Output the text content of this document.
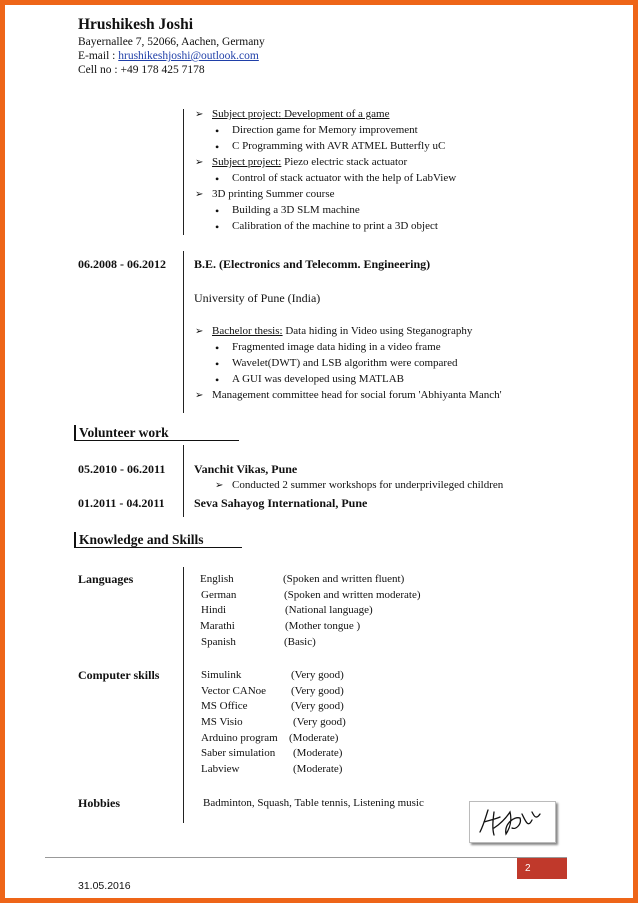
Hrushikesh Joshi
Bayernallee 7, 52066, Aachen, Germany
E-mail : hrushikeshjoshi@outlook.com
Cell no : +49 178 425 7178
➢ Subject project: Development of a game
• Direction game for Memory improvement
• C Programming with AVR ATMEL Butterfly uC
➢ Subject project: Piezo electric stack actuator
• Control of stack actuator with the help of LabView
➢ 3D printing Summer course
• Building a 3D SLM machine
• Calibration of the machine to print a 3D object
06.2008 - 06.2012 B.E. (Electronics and Telecomm. Engineering)
University of Pune (India)
➢ Bachelor thesis: Data hiding in Video using Steganography
• Fragmented image data hiding in a video frame
• Wavelet(DWT) and LSB algorithm were compared
• A GUI was developed using MATLAB
➢ Management committee head for social forum 'Abhiyanta Manch'
Volunteer work
05.2010 - 06.2011 Vanchit Vikas, Pune
➢ Conducted 2 summer workshops for underprivileged children
01.2011 - 04.2011 Seva Sahayog International, Pune
Knowledge and Skills
Languages	English	(Spoken and written fluent)
German	(Spoken and written moderate)
Hindi	(National language)
Marathi	(Mother tongue )
Spanish	(Basic)
Computer skills	Simulink	(Very good)
Vector CANoe (Very good)
MS Office	(Very good)
MS Visio	(Very good)
Arduino program (Moderate)
Saber simulation (Moderate)
Labview	(Moderate)
Hobbies	Badminton, Squash, Table tennis, Listening music
2
31.05.2016
